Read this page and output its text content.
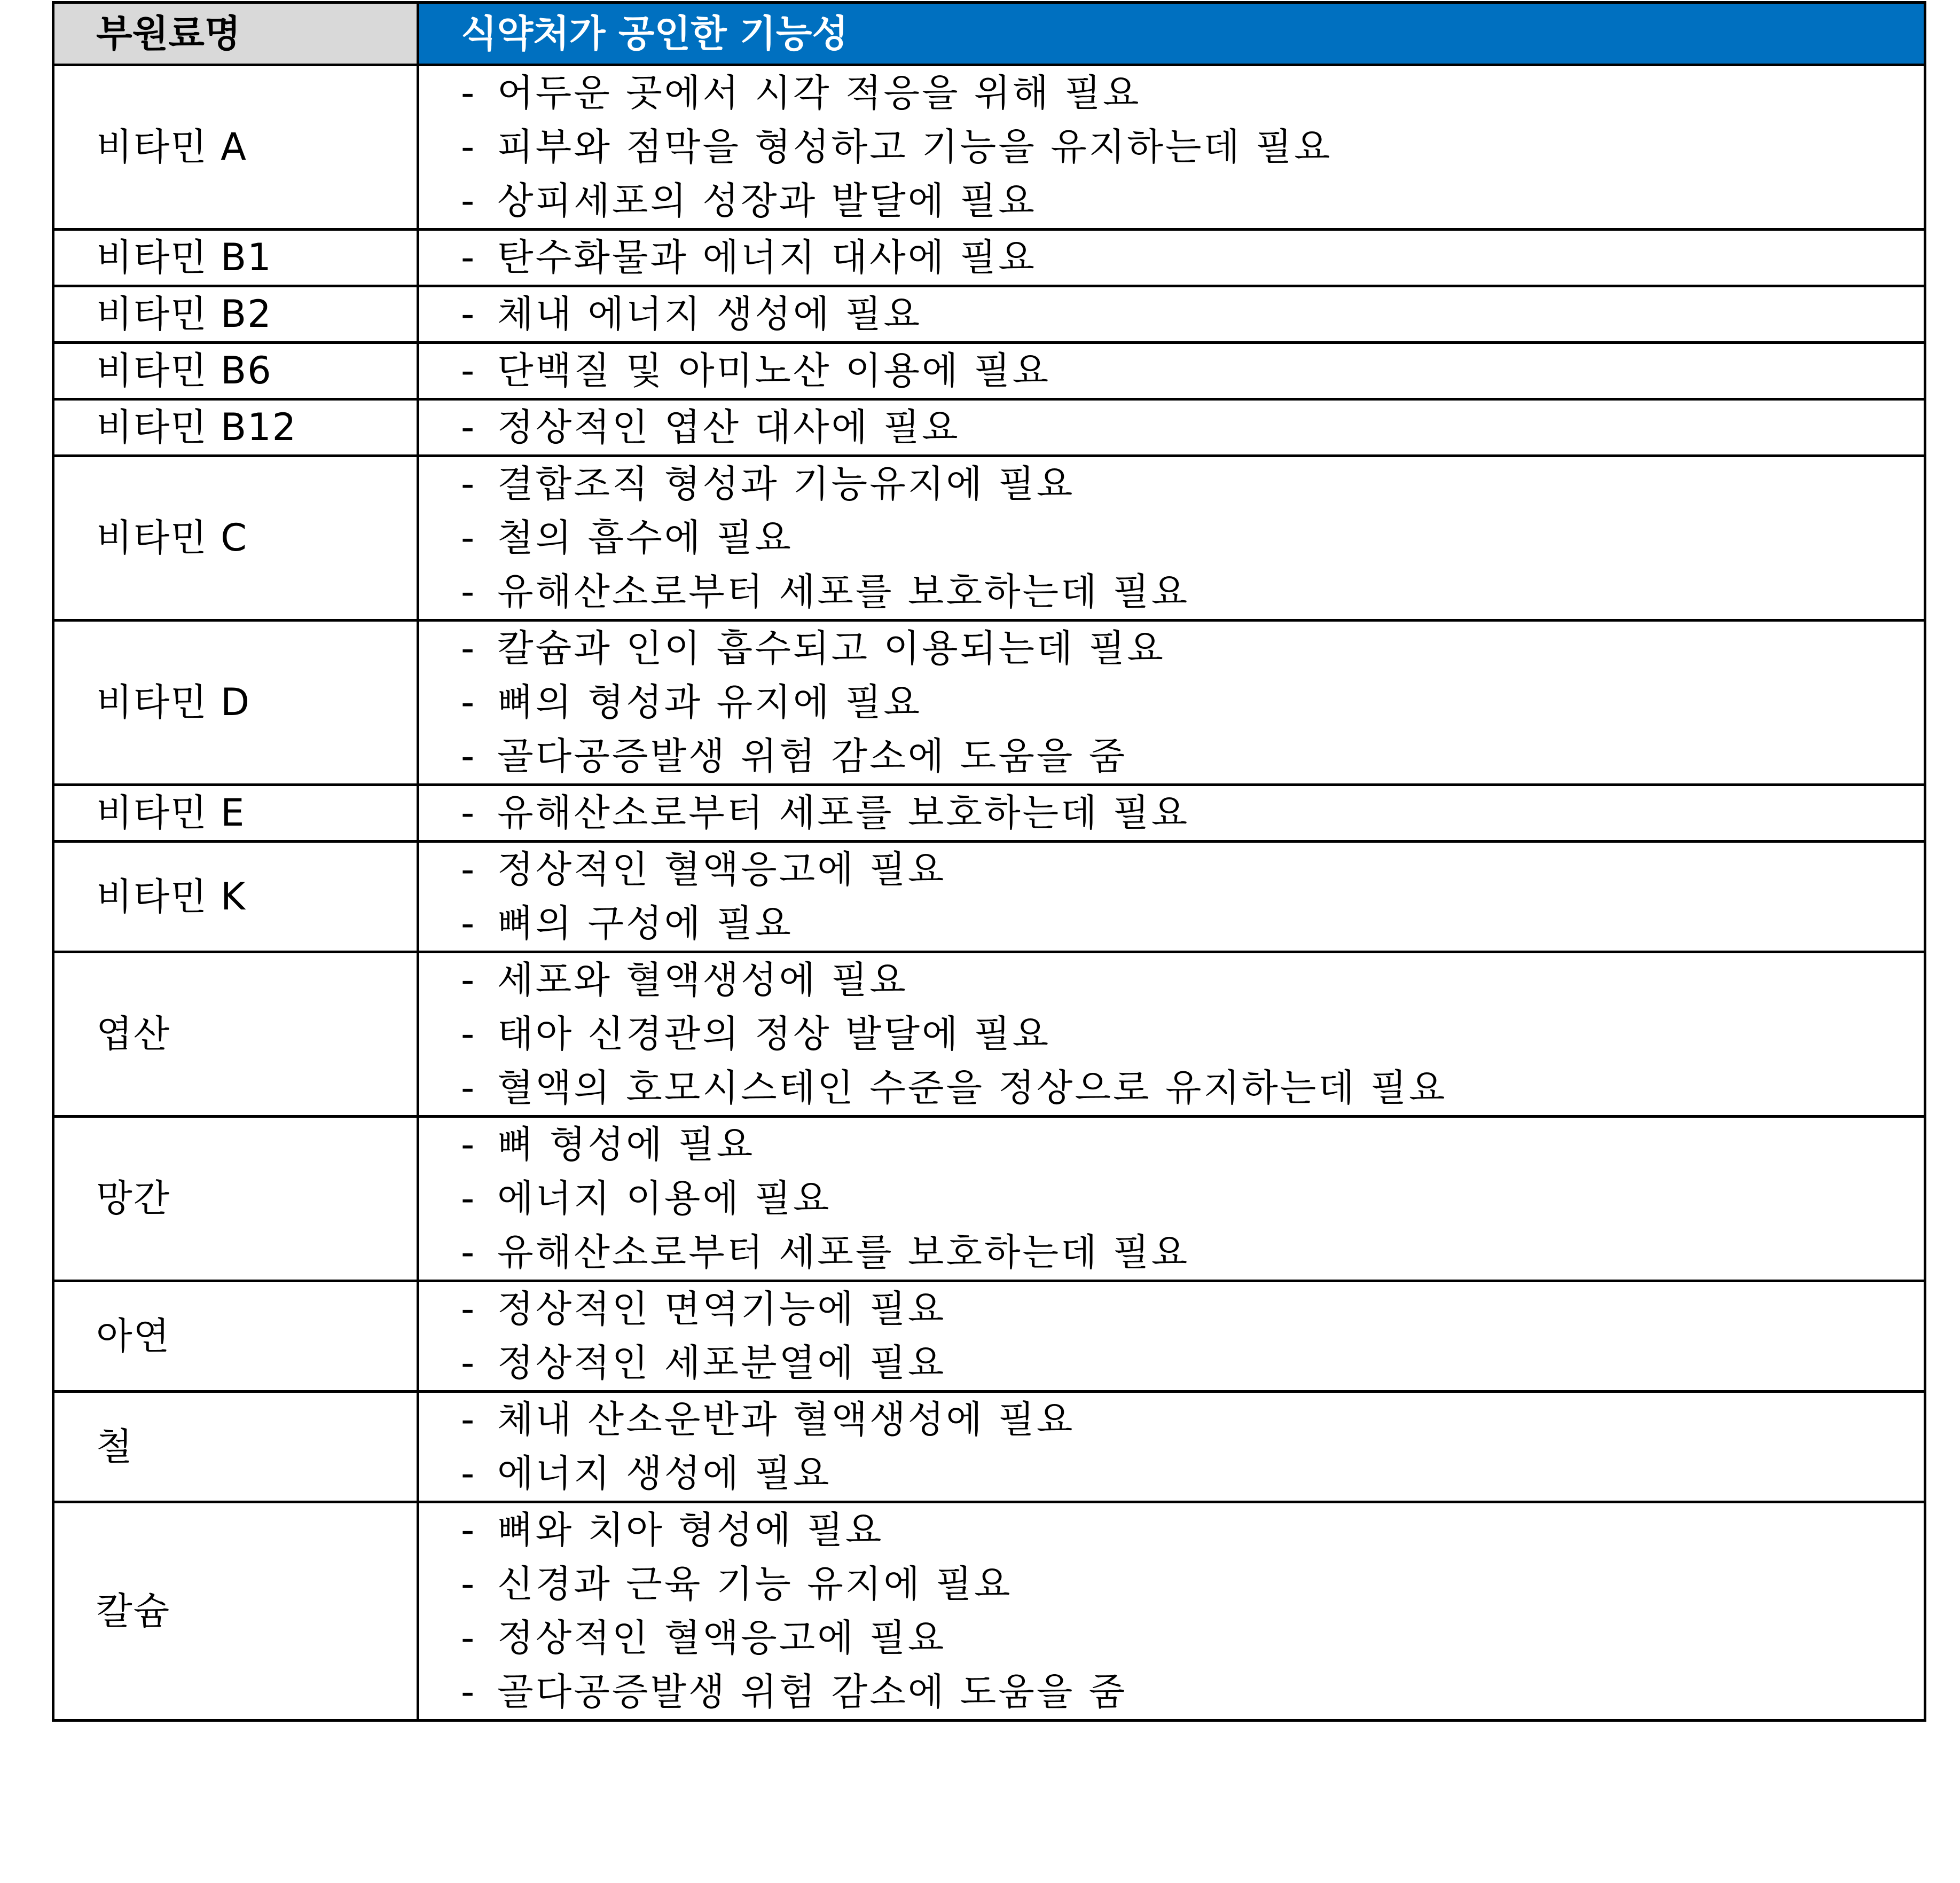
부원료명	식약처가 공인한 기능성
비타민 A	- 어두운 곳에서 시각 적응을 위해 필요
- 피부와 점막을 형성하고 기능을 유지하는데 필요
- 상피세포의 성장과 발달에 필요

비타민 B1	- 탄수화물과 에너지 대사에 필요

비타민 B2	- 체내 에너지 생성에 필요

비타민 B6	- 단백질 및 아미노산 이용에 필요

비타민 B12	- 정상적인 엽산 대사에 필요

비타민 C	- 결합조직 형성과 기능유지에 필요
- 철의 흡수에 필요
- 유해산소로부터 세포를 보호하는데 필요

비타민 D	- 칼슘과 인이 흡수되고 이용되는데 필요
- 뼈의 형성과 유지에 필요
- 골다공증발생 위험 감소에 도움을 줌

비타민 E	- 유해산소로부터 세포를 보호하는데 필요

비타민 K	- 정상적인 혈액응고에 필요
- 뼈의 구성에 필요

엽산	- 세포와 혈액생성에 필요
- 태아 신경관의 정상 발달에 필요
- 혈액의 호모시스테인 수준을 정상으로 유지하는데 필요

망간	- 뼈 형성에 필요
- 에너지 이용에 필요
- 유해산소로부터 세포를 보호하는데 필요

아연	- 정상적인 면역기능에 필요
- 정상적인 세포분열에 필요

철	- 체내 산소운반과 혈액생성에 필요
- 에너지 생성에 필요

칼슘	- 뼈와 치아 형성에 필요
- 신경과 근육 기능 유지에 필요
- 정상적인 혈액응고에 필요
- 골다공증발생 위험 감소에 도움을 줌
